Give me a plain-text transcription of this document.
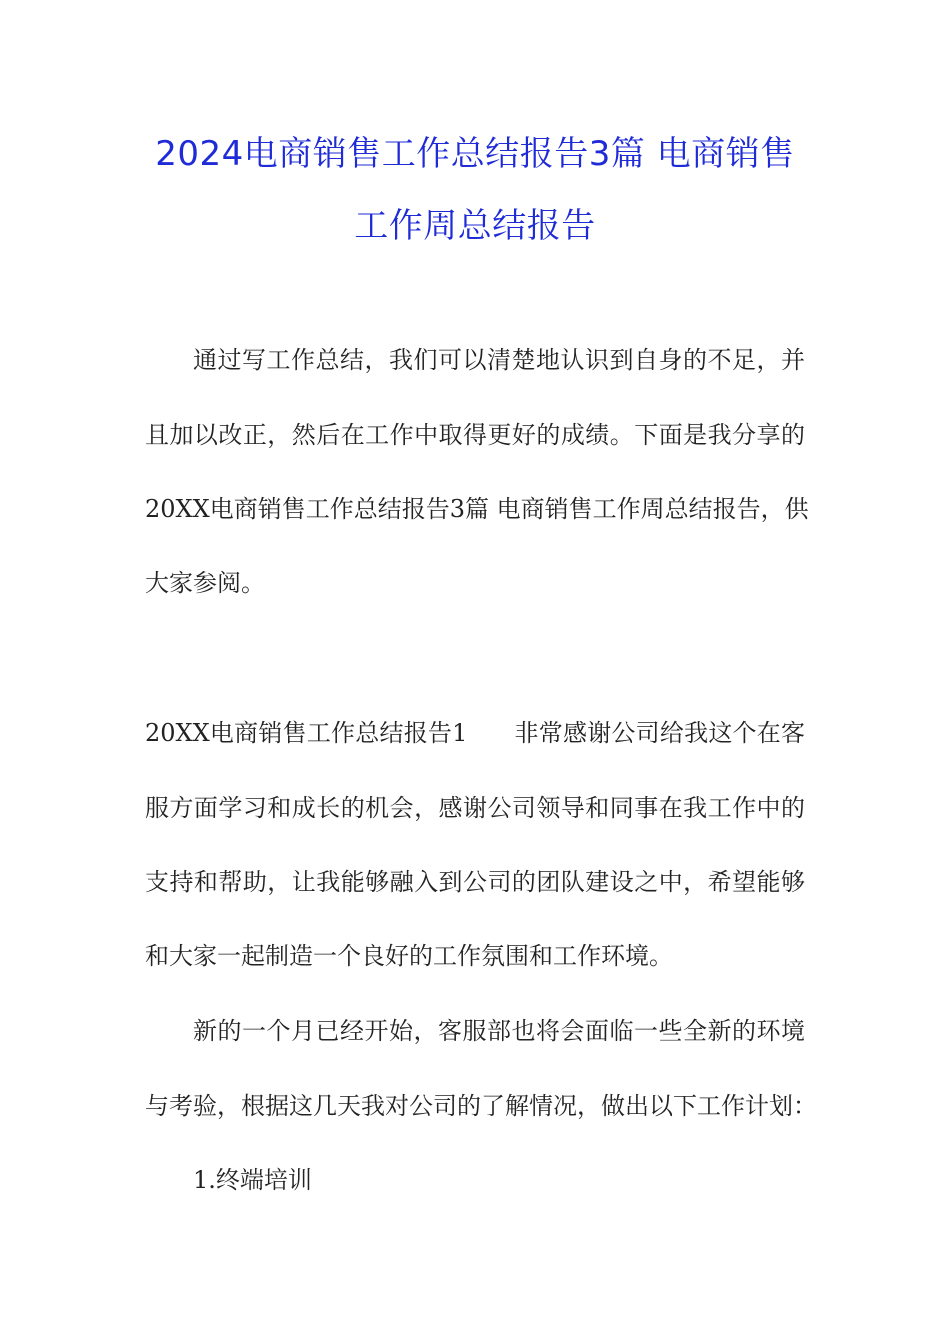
2024电商销售工作总结报告3篇 电商销售
工作周总结报告
通过写工作总结，我们可以清楚地认识到自身的不足，并
且加以改正，然后在工作中取得更好的成绩。下面是我分享的
20XX电商销售工作总结报告3篇 电商销售工作周总结报告，供
大家参阅。
20XX电商销售工作总结报告1      非常感谢公司给我这个在客
服方面学习和成长的机会，感谢公司领导和同事在我工作中的
支持和帮助，让我能够融入到公司的团队建设之中，希望能够
和大家一起制造一个良好的工作氛围和工作环境。
新的一个月已经开始，客服部也将会面临一些全新的环境
与考验，根据这几天我对公司的了解情况，做出以下工作计划：
1.终端培训
